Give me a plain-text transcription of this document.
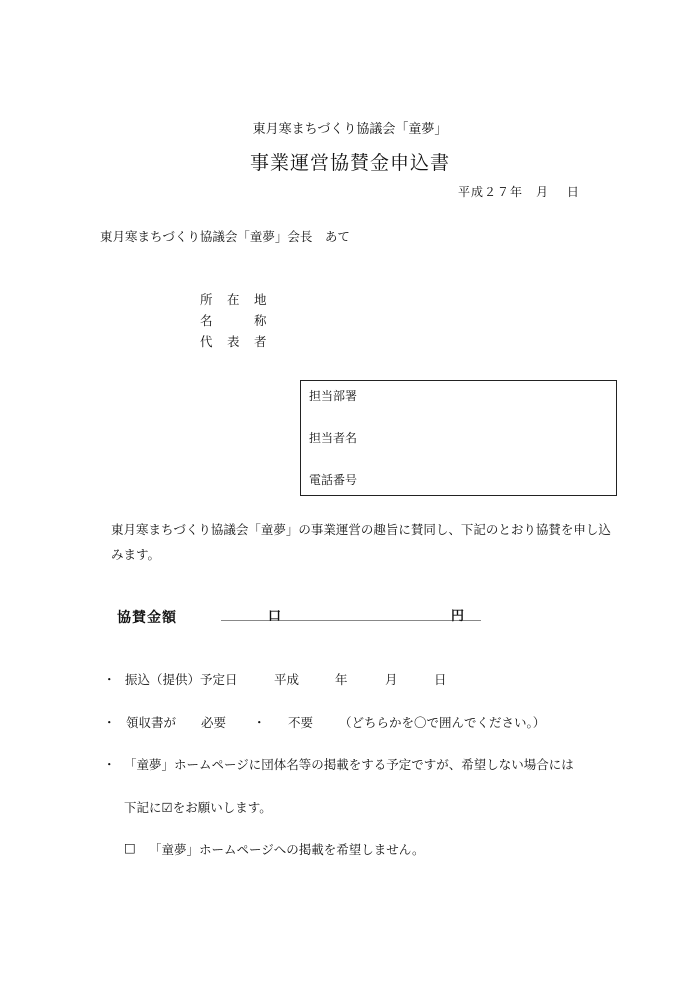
東月寒まちづくり協議会「童夢」
事業運営協賛金申込書
平成２７年　月　 日
東月寒まちづくり協議会「童夢」会長　あて
所　在　地
名　　　称
代　表　者
担当部署
担当者名
電話番号
東月寒まちづくり協議会「童夢」の事業運営の趣旨に賛同し、下記のとおり協賛を申し込みます。
協賛金額	口	円
・ 振込（提供）予定日	平成	年	月	日
・ 領収書が 必要 ・ 不要 （どちらかを〇で囲んでください。）
・ 「童夢」ホームページに団体名等の掲載をする予定ですが、希望しない場合には
下記に☑をお願いします。
□ 「童夢」ホームページへの掲載を希望しません。
